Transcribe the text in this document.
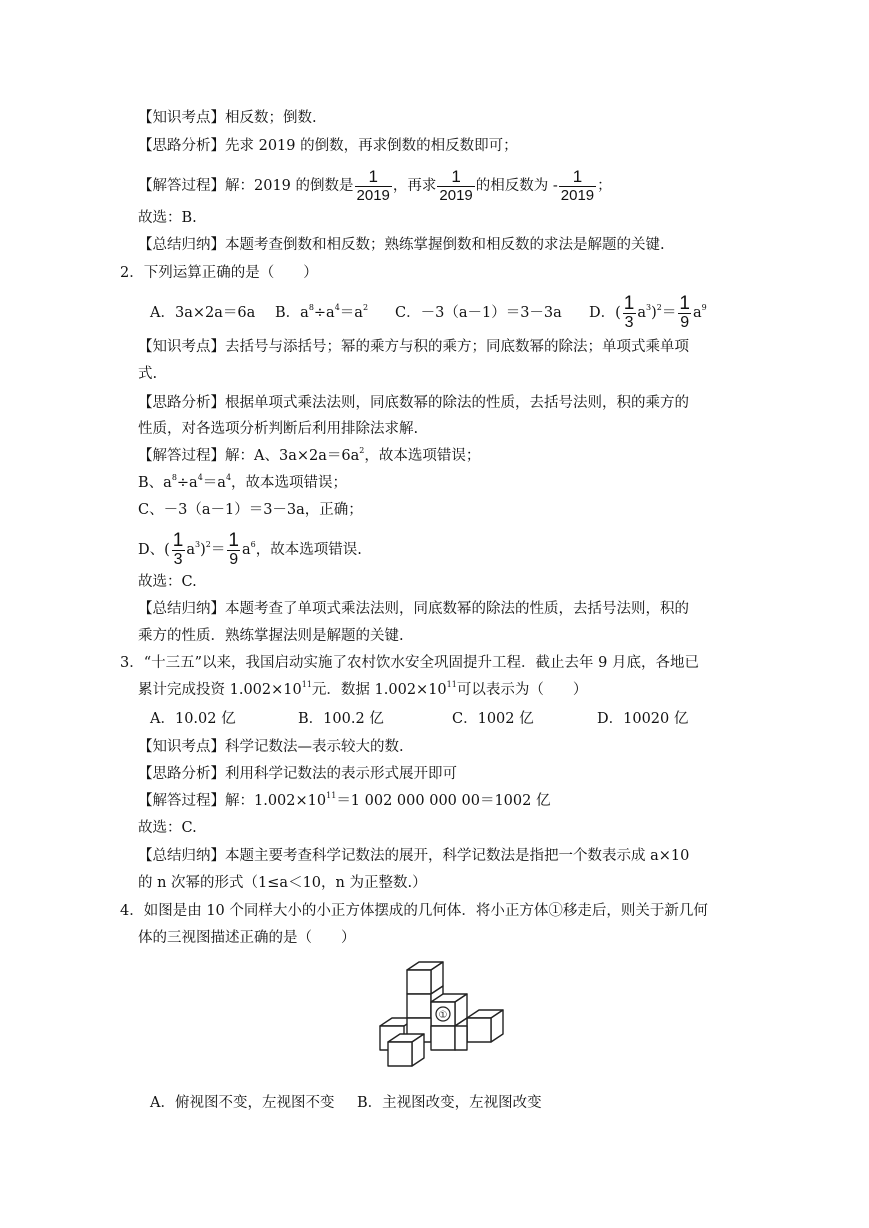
【知识考点】相反数；倒数.
【思路分析】先求 2019 的倒数，再求倒数的相反数即可；
【解答过程】解：2019 的倒数是 $\frac{1}{2019}$ ，再求 $\frac{1}{2019}$ 的相反数为 - $\frac{1}{2019}$ ；
故选：B.
【总结归纳】本题考查倒数和相反数；熟练掌握倒数和相反数的求法是解题的关键.
2．下列运算正确的是（　　）
A．3a×2a＝6a B．$a^8\div a^4=a^2$ C．－3（a－1）＝3－3a D．( $\frac{1}{3} a^3)^2= \frac{1}{9} a^9$
【知识考点】去括号与添括号；幂的乘方与积的乘方；同底数幂的除法；单项式乘单项
式.
【思路分析】根据单项式乘法法则，同底数幂的除法的性质，去括号法则，积的乘方的
性质，对各选项分析判断后利用排除法求解.
【解答过程】解：A、$3a\times 2a=6a^2$，故本选项错误；
B、$a^8\div a^4=a^4$，故本选项错误；
C、－3（a－1）＝3－3a，正确；
D、( $\frac{1}{3} a^3)^2= \frac{1}{9} a^6$，故本选项错误.
故选：C.
【总结归纳】本题考查了单项式乘法法则，同底数幂的除法的性质，去括号法则，积的
乘方的性质．熟练掌握法则是解题的关键.
3．“十三五”以来，我国启动实施了农村饮水安全巩固提升工程．截止去年 9 月底，各地已
累计完成投资 $1.002\times 10^{11}$元．数据 $1.002\times 10^{11}$可以表示为（　　）
A．10.02 亿	B．100.2 亿	C．1002 亿	D．10020 亿
【知识考点】科学记数法—表示较大的数.
【思路分析】利用科学记数法的表示形式展开即可
【解答过程】解：$1.002\times 10^{11}=1$ 002 000 000 00＝1002 亿
故选：C.
【总结归纳】本题主要考查科学记数法的展开，科学记数法是指把一个数表示成 a×10
的 n 次幂的形式（1≤a＜10，n 为正整数.）
4．如图是由 10 个同样大小的小正方体摆成的几何体．将小正方体①移走后，则关于新几何
体的三视图描述正确的是（　　）
①
A．俯视图不变，左视图不变 B．主视图改变，左视图改变
